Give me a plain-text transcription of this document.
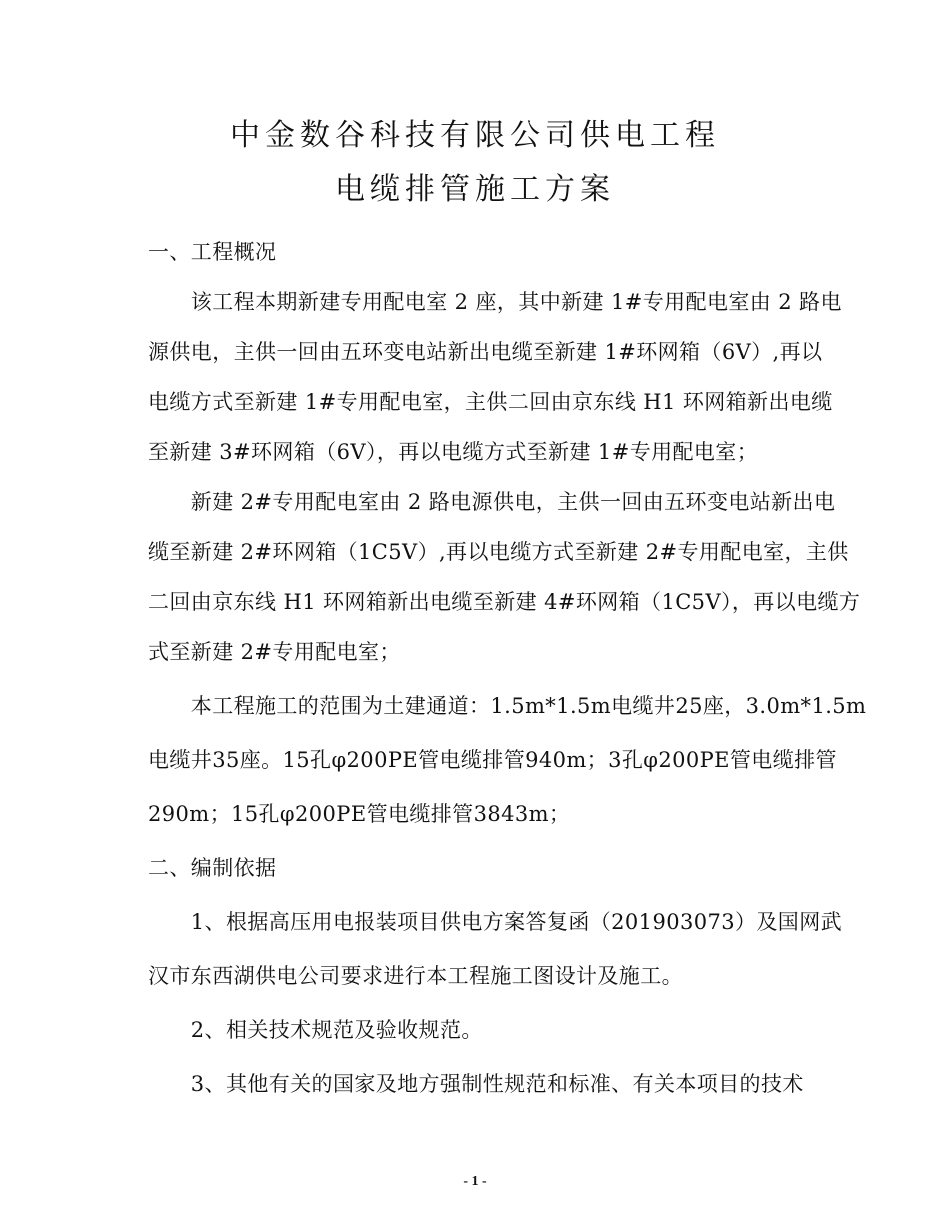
中金数谷科技有限公司供电工程
电缆排管施工方案
一、工程概况
　　该工程本期新建专用配电室 2 座，其中新建 1#专用配电室由 2 路电
源供电，主供一回由五环变电站新出电缆至新建 1#环网箱（6V）,再以
电缆方式至新建 1#专用配电室，主供二回由京东线 H1 环网箱新出电缆
至新建 3#环网箱（6V），再以电缆方式至新建 1#专用配电室；
　　新建 2#专用配电室由 2 路电源供电，主供一回由五环变电站新出电
缆至新建 2#环网箱（1C5V）,再以电缆方式至新建 2#专用配电室，主供
二回由京东线 H1 环网箱新出电缆至新建 4#环网箱（1C5V），再以电缆方
式至新建 2#专用配电室；
　　本工程施工的范围为土建通道：1.5m*1.5m电缆井25座，3.0m*1.5m
电缆井35座。15孔φ200PE管电缆排管940m；3孔φ200PE管电缆排管
290m；15孔φ200PE管电缆排管3843m；
二、编制依据
　　1、根据高压用电报装项目供电方案答复函（201903073）及国网武
汉市东西湖供电公司要求进行本工程施工图设计及施工。
　　2、相关技术规范及验收规范。
　　3、其他有关的国家及地方强制性规范和标准、有关本项目的技术
- 1 -
